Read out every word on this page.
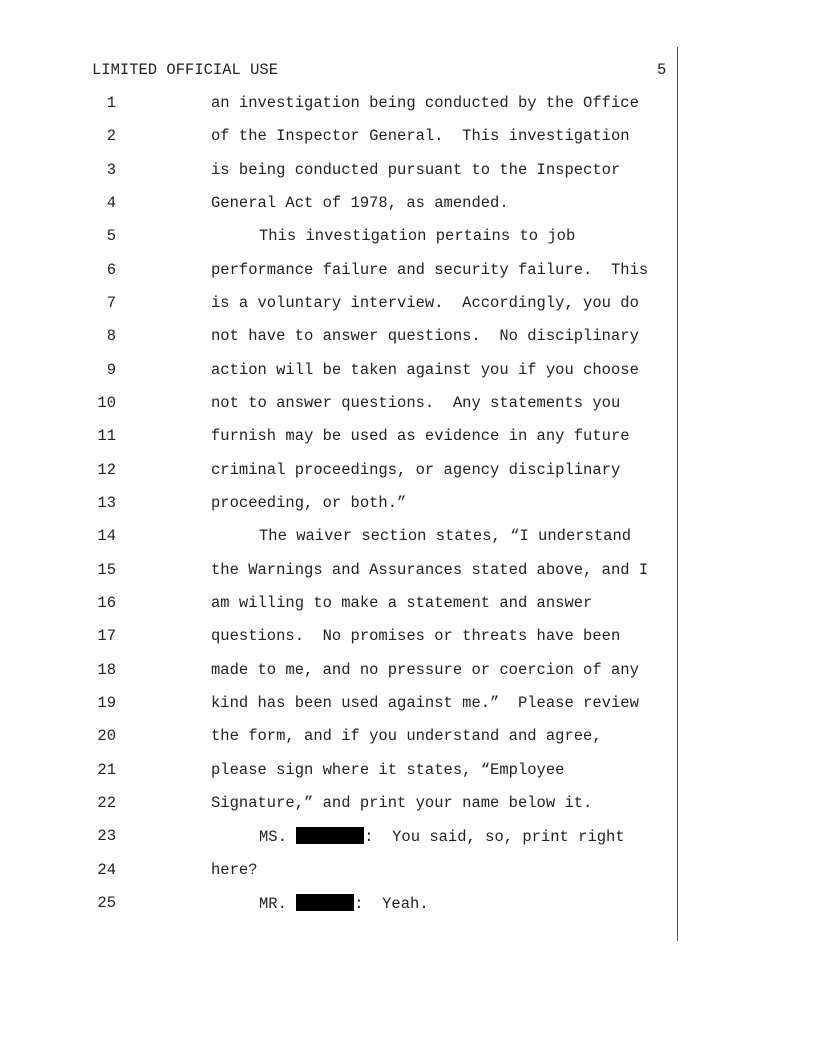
LIMITED OFFICIAL USE	5
1	an investigation being conducted by the Office
2	of the Inspector General.  This investigation
3	is being conducted pursuant to the Inspector
4	General Act of 1978, as amended.
5	This investigation pertains to job
6	performance failure and security failure.  This
7	is a voluntary interview.  Accordingly, you do
8	not have to answer questions.  No disciplinary
9	action will be taken against you if you choose
10	not to answer questions.  Any statements you
11	furnish may be used as evidence in any future
12	criminal proceedings, or agency disciplinary
13	proceeding, or both.”
14	The waiver section states, “I understand
15	the Warnings and Assurances stated above, and I
16	am willing to make a statement and answer
17	questions.  No promises or threats have been
18	made to me, and no pressure or coercion of any
19	kind has been used against me.”  Please review
20	the form, and if you understand and agree,
21	please sign where it states, “Employee
22	Signature,” and print your name below it.
23	MS.	:  You said, so, print right
24	here?
25	MR.	:  Yeah.
